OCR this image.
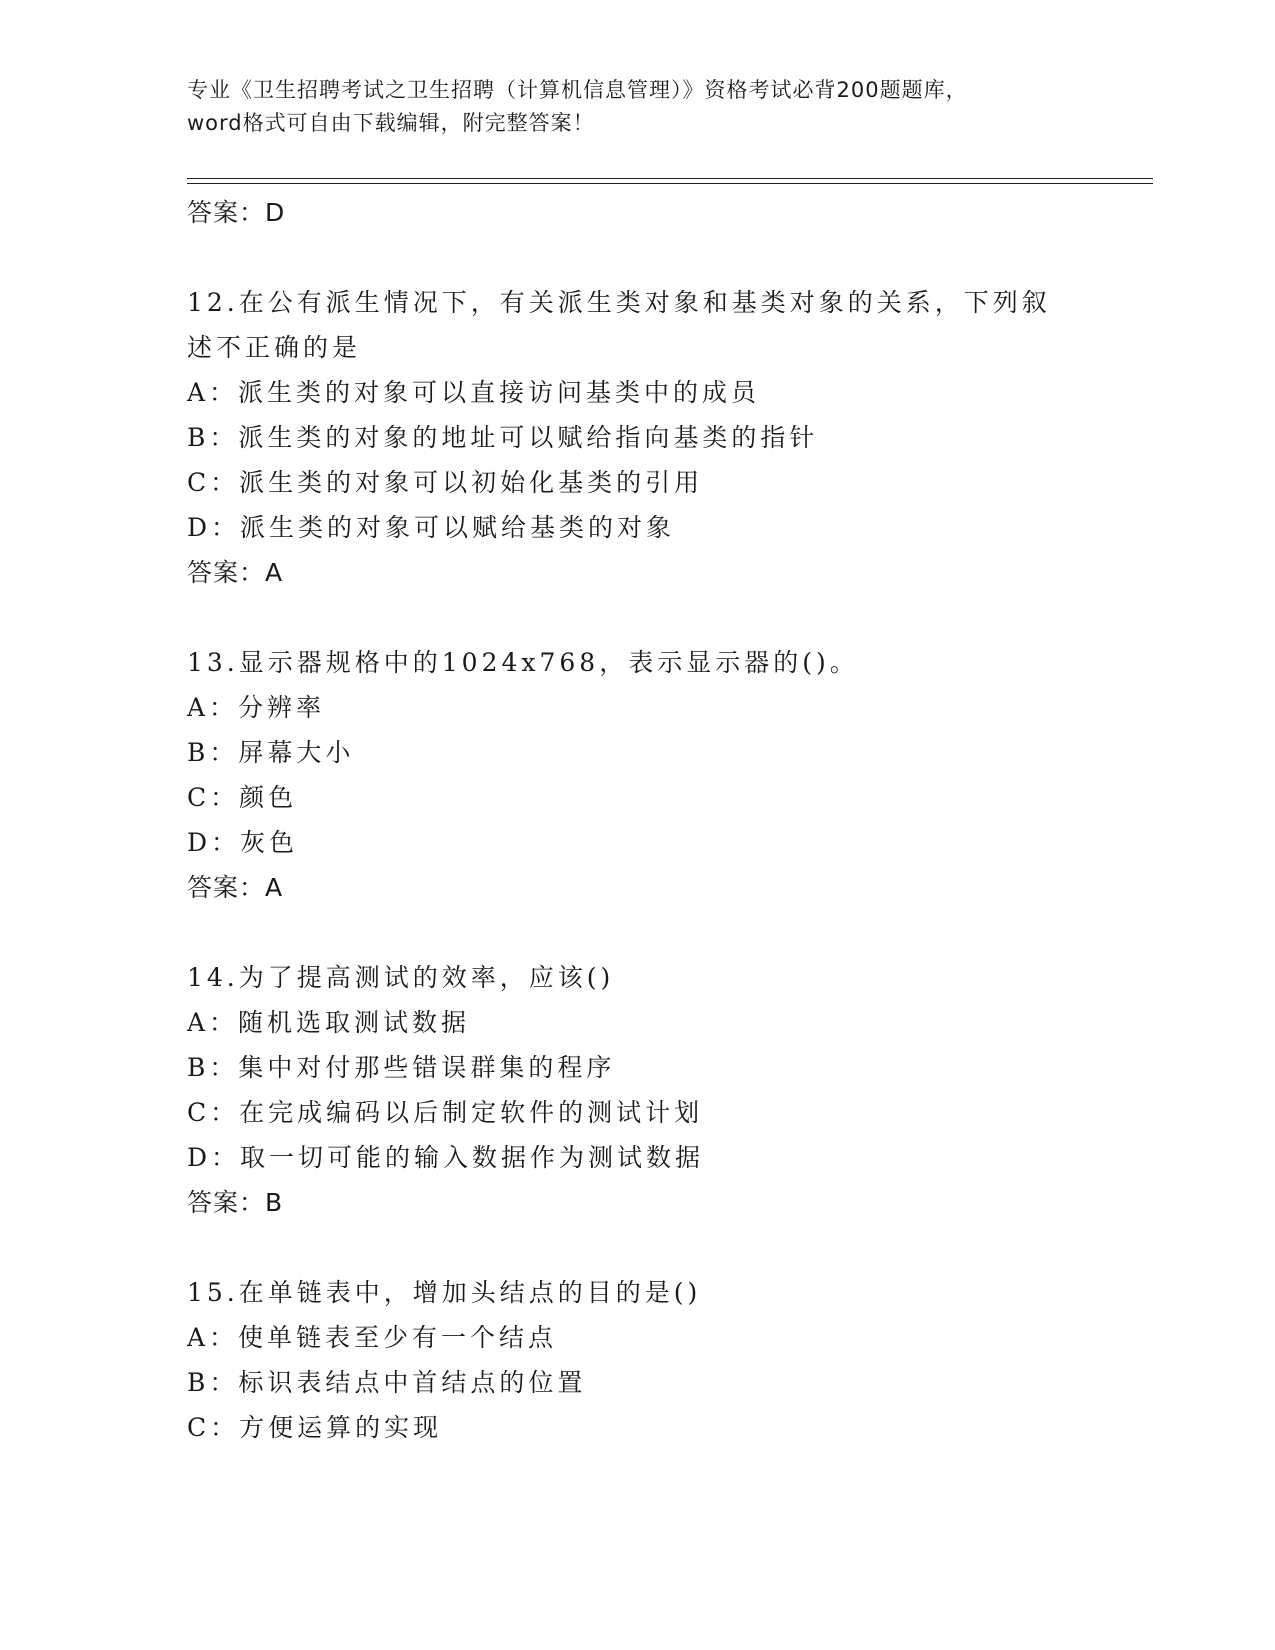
专业《卫生招聘考试之卫生招聘（计算机信息管理）》资格考试必背200题题库，
word格式可自由下载编辑，附完整答案！
答案：D
12.在公有派生情况下，有关派生类对象和基类对象的关系，下列叙述不正确的是
A：派生类的对象可以直接访问基类中的成员
B：派生类的对象的地址可以赋给指向基类的指针
C：派生类的对象可以初始化基类的引用
D：派生类的对象可以赋给基类的对象
答案：A
13.显示器规格中的1024x768，表示显示器的()。
A：分辨率
B：屏幕大小
C：颜色
D：灰色
答案：A
14.为了提高测试的效率，应该()
A：随机选取测试数据
B：集中对付那些错误群集的程序
C：在完成编码以后制定软件的测试计划
D：取一切可能的输入数据作为测试数据
答案：B
15.在单链表中，增加头结点的目的是()
A：使单链表至少有一个结点
B：标识表结点中首结点的位置
C：方便运算的实现
